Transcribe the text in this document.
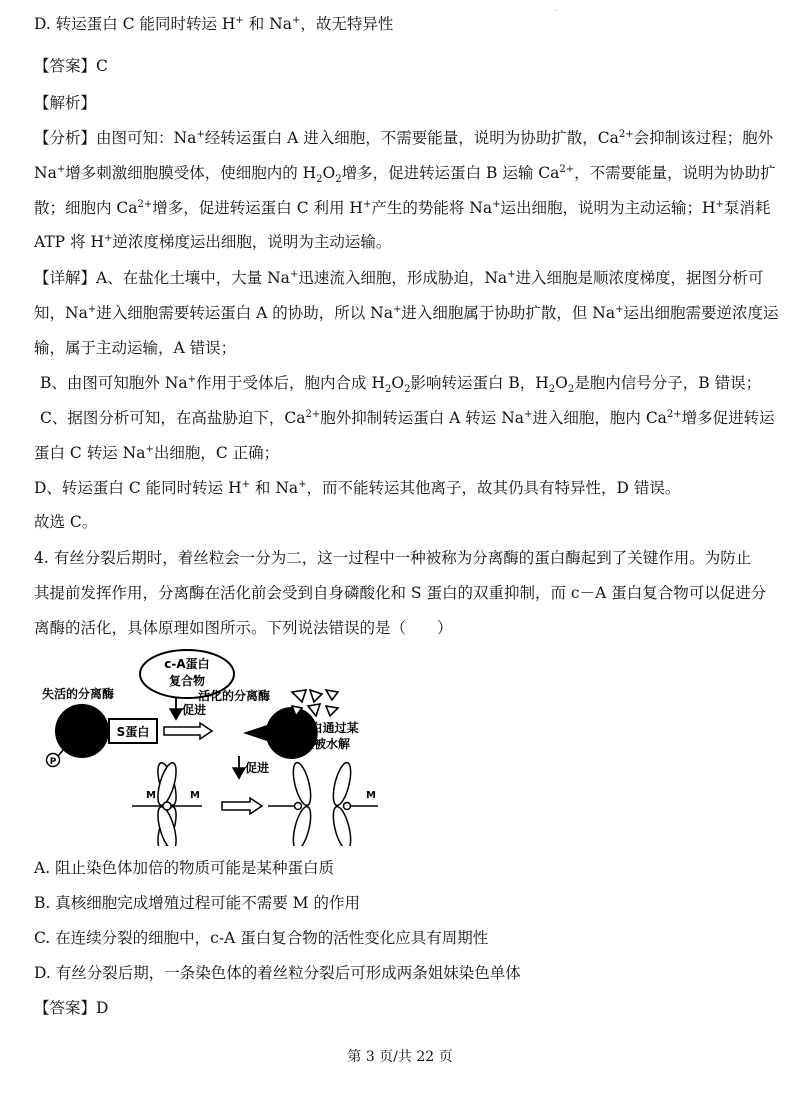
·
D. 转运蛋白 C 能同时转运 H+ 和 Na+，故无特异性
【答案】C
【解析】
【分析】由图可知：Na+经转运蛋白 A 进入细胞，不需要能量，说明为协助扩散，$Ca^{2+}$会抑制该过程；胞外
Na+增多刺激细胞膜受体，使细胞内的 $H_2O_2$增多，促进转运蛋白 B 运输 $Ca^{2+}$，不需要能量，说明为协助扩
散；细胞内 $Ca^{2+}$增多，促进转运蛋白 C 利用 H+产生的势能将 Na+运出细胞，说明为主动运输；H+泵消耗
ATP 将 H+逆浓度梯度运出细胞，说明为主动运输。
【详解】A、在盐化土壤中，大量 Na+迅速流入细胞，形成胁迫，Na+进入细胞是顺浓度梯度，据图分析可
知，Na+进入细胞需要转运蛋白 A 的协助，所以 Na+进入细胞属于协助扩散，但 Na+运出细胞需要逆浓度运
输，属于主动运输，A 错误；
B、由图可知胞外 Na+作用于受体后，胞内合成 $H_2O_2$影响转运蛋白 B，$H_2O_2$是胞内信号分子，B 错误；
C、据图分析可知，在高盐胁迫下，$Ca^{2+}$胞外抑制转运蛋白 A 转运 Na+进入细胞，胞内 $Ca^{2+}$增多促进转运
蛋白 C 转运 Na+出细胞，C 正确；
D、转运蛋白 C 能同时转运 H+ 和 Na+，而不能转运其他离子，故其仍具有特异性，D 错误。
故选 C。
4. 有丝分裂后期时，着丝粒会一分为二，这一过程中一种被称为分离酶的蛋白酶起到了关键作用。为防止
其提前发挥作用，分离酶在活化前会受到自身磷酸化和 S 蛋白的双重抑制，而 c－A 蛋白复合物可以促进分
离酶的活化，具体原理如图所示。下列说法错误的是（　　）
c-A蛋白
复合物
促进
失活的分离酶
P
S蛋白
活化的分离酶
S蛋白通过某
途径被水解
促进
M	M	M
A. 阻止染色体加倍的物质可能是某种蛋白质
B. 真核细胞完成增殖过程可能不需要 M 的作用
C. 在连续分裂的细胞中，c-A 蛋白复合物的活性变化应具有周期性
D. 有丝分裂后期，一条染色体的着丝粒分裂后可形成两条姐妹染色单体
【答案】D
第 3 页/共 22 页
